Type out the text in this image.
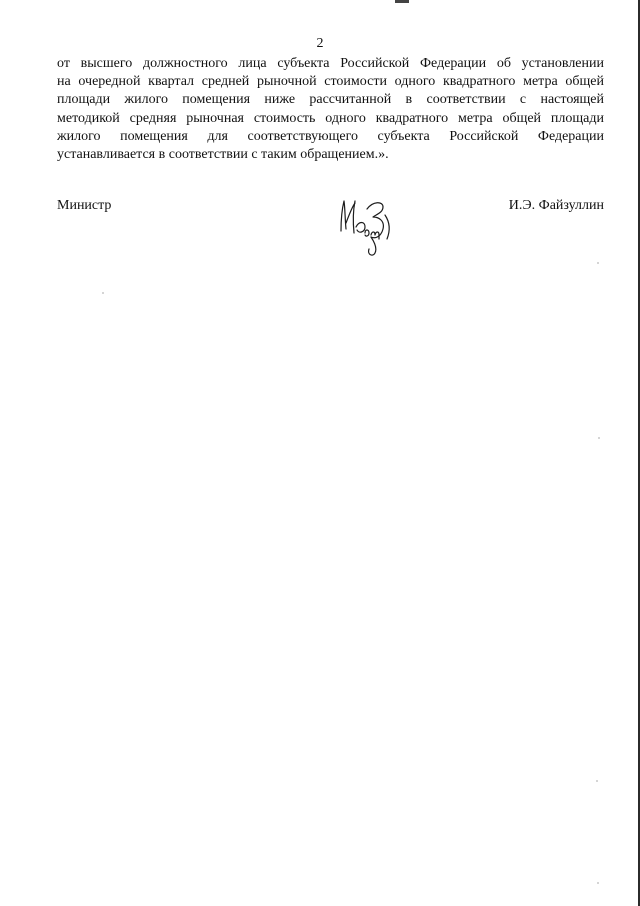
2
от высшего должностного лица субъекта Российской Федерации об установлении
на очередной квартал средней рыночной стоимости одного квадратного метра общей
площади жилого помещения ниже рассчитанной в соответствии с настоящей
методикой средняя рыночная стоимость одного квадратного метра общей площади
жилого помещения для соответствующего субъекта Российской Федерации
устанавливается в соответствии с таким обращением.».
Министр	И.Э. Файзуллин
